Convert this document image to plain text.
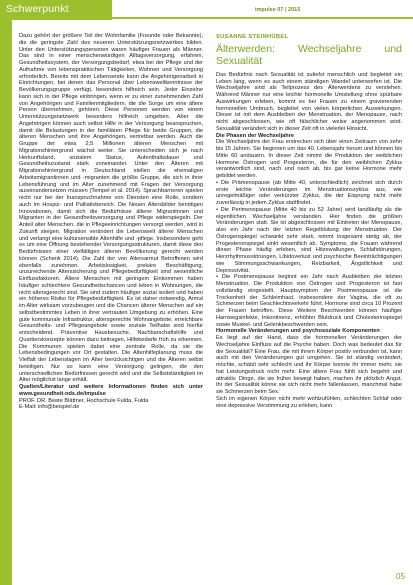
Schwerpunkt	impulse 07 | 2015

Dazu gehört der größere Teil der Wohnfamilie (Freunde oder Bekannte), die die geringste Zahl des neueren Unterstützungsnetzwerkes bilden. Unter den Unterstützungspersonen waren häufiger Frauen als Männer. Das sind in einer menschenwürdigen Alltagsversorgung, erfahren, Gesundheitssystem, der Versorgungsbedarf, etwa bei der Pflege und der Aufnahme von lebenspraktischen Tätigkeiten, Wohnen und Versorgung erforderlich. Bereits mit dem Lebensende kann die Angehörigenarbeit in Einrichtungen, bei denen das Personal über Lebensweltkenntnisse der Bevölkerungsgruppe verfügt, besonders hilfreich sein. Jeder Einzelne kann sich in der Pflege einbringen, wenn er zu einer zunehmenden Zahl von Angehörigen und Familienmitgliedern, die die Sorge um eine ältere Person übernehmen, gehören. Diese Personen werden von einem Unterstützungsnetzwerk besonders hilfreich umgeben. Aber die Angehörigen können auch selbst Hilfe in der Versorgung beanspruchen, damit die Belastungen in der familiären Pflege für beide Gruppen, die älteren Menschen und ihre Angehörigen, vertretbar werden. Auch die Gruppe der etwa 2,5 Millionen älteren Menschen mit Migrationshintergrund wächst weiter. Sie unterscheiden sich je nach Herkunftsland, sozialem Status, Aufenthaltsdauer und Gesundheitszustand stark voneinander. Unter den Älteren mit Migrationshintergrund in Deutschland stellen die ehemaligen Arbeitsmigrantinnen und -migranten die größte Gruppe, die sich in ihrer Lebensführung und im Alter zunehmend mit Fragen der Versorgung auseinandersetzen müssen (Tempel et al. 2014). Sprachbarrieren spielen nicht nur bei der Inanspruchnahme von Diensten eine Rolle, sondern auch im Hospiz- und Palliativbereich. Die Neuen Altersbilder benötigen Innovationen, damit sich die Bedürfnisse älterer Migrantinnen und Migranten in der Gesundheitsversorgung und Pflege widerspiegeln. Der Anteil alter Menschen, die in Pflegeeinrichtungen versorgt werden, wird in Zukunft steigen. Migration verändert die Lebenswelt älterer Menschen und verlangt eine kultursensible Altenhilfe und -pflege. Insbesondere geht es um eine Öffnung bestehender Versorgungsstrukturen, damit diese den Bedürfnissen einer vielfältigen älteren Bevölkerung gerecht werden können (Schenk 2014). Die Zahl der von Altersarmut Betroffenen wird ebenfalls zunehmen. Arbeitslosigkeit, prekäre Beschäftigung, unzureichende Alterssicherung und Pflegebedürftigkeit sind wesentliche Einflussfaktoren. Ältere Menschen mit geringem Einkommen haben häufiger schlechtere Gesundheitschancen und leben in Wohnungen, die nicht altersgerecht sind. Sie sind zudem häufiger sozial isoliert und haben ein höheres Risiko für Pflegebedürftigkeit. Es ist daher notwendig, Armut im Alter wirksam vorzubeugen und die Chancen älterer Menschen auf ein selbstbestimmtes Leben in ihrer vertrauten Umgebung zu erhöhen. Eine gute kommunale Infrastruktur, altersgerechte Wohnangebote, erreichbare Gesundheits- und Pflegeangebote sowie soziale Teilhabe sind hierfür entscheidend. Präventive Hausbesuche, Nachbarschaftshilfe und Quartierskonzepte können dazu beitragen, Hilfebedarfe früh zu erkennen. Die Kommunen spielen dabei eine zentrale Rolle, da sie die Lebensbedingungen vor Ort gestalten. Die Altenhilfeplanung muss die Vielfalt der Lebenslagen im Alter berücksichtigen und die Älteren selbst beteiligen. Nur so kann eine Versorgung gelingen, die den unterschiedlichen Bedürfnissen gerecht wird und die Selbstständigkeit im Alter möglichst lange erhält.

Quellen/Literatur und weitere Informationen finden sich unter www.gesundheit-nds.de/impulse

PROF. DR. Beate Blättner, Hochschule Fulda, Fulda

E-Mail: info@beispiel.de

SUSANNE STEINHÜBEL
Älterwerden: Wechseljahre und Sexualität

Das Bedürfnis nach Sexualität ist zutiefst menschlich und begleitet ein Leben lang, wenn es auch einem ständigen Wandel unterworfen ist. Die Wechseljahre sind als Teilprozess des Älterwerdens zu verstehen. Während Männer nur eine leichte hormonelle Umstellung ohne spürbare Auswirkungen erleben, kommt es bei Frauen zu einem gravierenden hormonellen Umbruch, begleitet von vielen körperlichen Auswirkungen. Dieser ist mit dem Ausbleiben der Menstruation, der Menopause, nach nicht abgeschlossen, wie oft fälschlicher weise angenommen wird. Sexualität verändert sich in dieser Zeit oft in vielerlei Hinsicht.

Die Phasen der Wechseljahre

Die Wechseljahre der Frau erstrecken sich über einen Zeitraum von zehn bis 15 Jahren. Sie beginnen um das 40. Lebensjahr herum und können bis Mitte 60 andauern. In dieser Zeit nimmt die Produktion der weiblichen Hormone Östrogen und Progesteron, die für den weiblichen Zyklus verantwortlich sind, nach und nach ab, bis gar keine Hormone mehr gebildet werden.

• Die Prämenopause (ab Mitte 40, unterschiedlich) zeichnet sich durch erste leichte Veränderungen im Menstruationszyklus aus, wie unregelmäßiger oder verkürzter Zyklus, die der Eisprung nicht mehr zuverlässig in jedem Zyklus stattfindet.

• Die Perimenopause (Mitte 40 bis zu 52 Jahre) wird landläufig als die eigentlichen Wechseljahre verstanden. Hier finden die größten Veränderungen statt. Sie ist abgeschlossen mit Eintreten der Menopause, also ein Jahr nach der letzten Regelblutung der Menstruation. Der Östrogenspiegel schwankt sehr stark, nimmt insgesamt stetig ab, der Progesteronspiegel sinkt wesentlich ab. Symptome, die Frauen während dieser Phase häufig erleben, sind Hitzewallungen, Schlafstörungen, Herzrhythmusstörungen, Libidoverlust und psychische Beeinträchtigungen wie Stimmungsschwankungen, Reizbarkeit, Ängstlichkeit und Depressivität.

• Die Postmenopause beginnt ein Jahr nach Ausbleiben der letzten Menstruation. Die Produktion von Östrogen und Progesteron ist fast vollständig eingestellt. Hauptsymptom der Postmenopause ist die Trockenheit der Schleimhaut, insbesondere der Vagina, die oft zu Schmerzen beim Geschlechtsverkehr führt. Hormone sind circa 10 Prozent der Frauen betroffen. Diese Weitere Beschwerden können häufiger Harnwegsinfekte, Inkontinenz, erhöhter Blutdruck und Cholesterinspiegel sowie Muskel- und Gelenkbeschwerden sein.

Hormonelle Veränderungen und psychosoziale Komponenten

Es liegt auf der Hand, dass die hormonellen Veränderungen der Wechseljahre Einfluss auf die Psyche haben. Doch was bedeutet das für die Sexualität? Eine Frau, die mit ihrem Körper positiv verbunden ist, kann auch mit den Veränderungen gut umgehen. Sie ist ständig verändert, möchte, schätzt sehr schlecht und ihr Körper konnte ihr immer mehr, sie hat Leistungsdruck nicht mehr. Eine ältere Frau fühlt sich begehrt und attraktiv. Dinge, die sie früher bewegt haben, machen ihr plötzlich Angst. Ihr der Sexualität könne sie sich nicht mehr fallenlassen, manchmal habe sie Schmerzen beim Sex.

Sich im eigenen Körper nicht mehr wohlzufühlen, schlechten Schlaf oder eine depressive Verstimmung zu erleben, kann

05
